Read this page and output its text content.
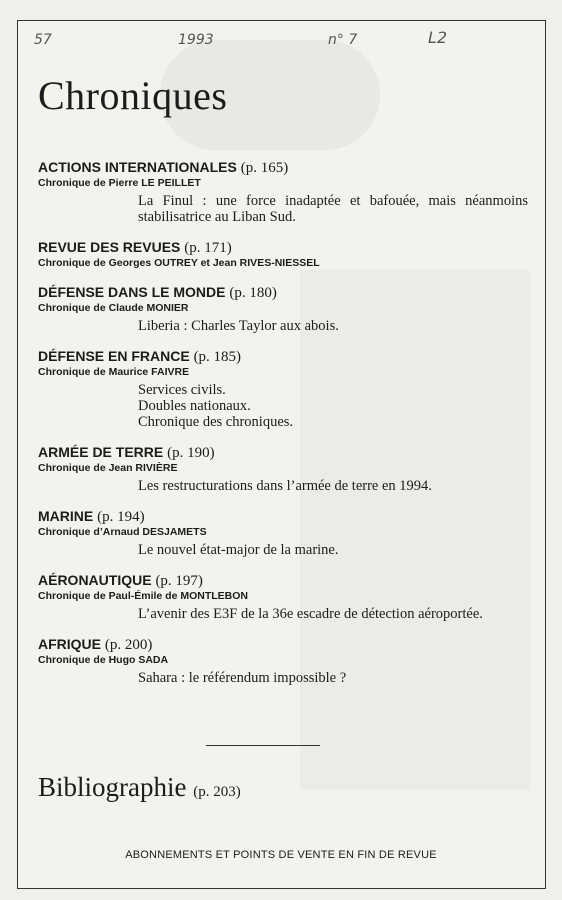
57	1993	n° 7	L2
Chroniques
ACTIONS INTERNATIONALES (p. 165)
Chronique de Pierre LE PEILLET
La Finul : une force inadaptée et bafouée, mais néanmoins stabilisatrice au Liban Sud.
REVUE DES REVUES (p. 171)
Chronique de Georges OUTREY et Jean RIVES-NIESSEL
DÉFENSE DANS LE MONDE (p. 180)
Chronique de Claude MONIER
Liberia : Charles Taylor aux abois.
DÉFENSE EN FRANCE (p. 185)
Chronique de Maurice FAIVRE
Services civils.
Doubles nationaux.
Chronique des chroniques.
ARMÉE DE TERRE (p. 190)
Chronique de Jean RIVIÈRE
Les restructurations dans l’armée de terre en 1994.
MARINE (p. 194)
Chronique d’Arnaud DESJAMETS
Le nouvel état-major de la marine.
AÉRONAUTIQUE (p. 197)
Chronique de Paul-Émile de MONTLEBON
L’avenir des E3F de la 36e escadre de détection aéroportée.
AFRIQUE (p. 200)
Chronique de Hugo SADA
Sahara : le référendum impossible ?
Bibliographie (p. 203)
ABONNEMENTS ET POINTS DE VENTE EN FIN DE REVUE
